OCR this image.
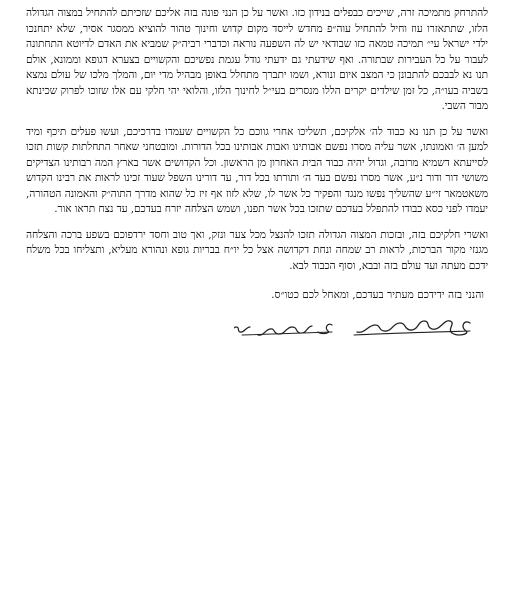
להתרחק מתמיכה זרה, שייכים כבפלים בנידון כזו. ואשר על כן הנני פונה בזה אליכם שזכיתם להתחיל במצוה הגדולה הלזו, שתתאזרו עוז וחיל להתחיל עוה״פ מחדש לייסד מקום קדוש וחינוך טהור להוציא ממסגר אסיר, שלא יתחנכו ילדי ישראל עי״ תמיכה טמאה כזו שבודאי יש לה השפעה נוראה וכדברי רביה״ק שמביא את האדם לדיוטא התחתונה לעבור על כל העבירות שבתורה. ואף שידעתי גם ידעתי גודל עגמת נפשיכם והקשויים בצערא דגופא וממונא, אולם תנו נא לבבכם להתבונן כי המצב איום ונורא, ושמו יתברך מתחלל באופן מבהיל מדי יום, והמלך מלכו של עולם נמצא בשביה בעו״ה, כל זמן שילדים יקרים הללו מנסרים בעי״ל לחינוך הלזו, והלואי יהי חלקי עם אלו שזוכו לפרוק שכינתא מבור השבי.

ואשר על כן תנו נא כבוד לה׳ אלקיכם, תשליכו אחרי גווכם כל הקשויים שעמדו בדרכיכם, ועשו פעלים תיכף ומיד למען ה׳ ואמונתו, אשר עליה מסרו נפשם אבותינו ואבות אבותינו בכל הדורות. ומובטחני שאחר התחלתות קשות תזכו לסייעתא דשמיא מרובה, וגדול יהיה כבוד הבית האחרון מן הראשון. וכל הקדושים אשר בארץ המה רבותינו הצדיקים משושי דור ודור נ״ע, אשר מסרו נפשם בעד ה׳ ותורתו בכל דור, עד דורינו השפל שעוד זכינו לראות את רבינו הקדוש משאטמאר זי״ע שהשליך נפשו מנגד והפקיר כל אשר לו, שלא לזוז אף זיז כל שהוא מדרך התוה״ק והאמונה הטהורה, יעמדו לפני כסא כבודו להתפלל בעדכם שתזכו בכל אשר תפנו, ושמש הצלחה יזרח בעדכם, עד נצח תראו אור.

ואשרי חלקיכם בזה, ובזכות המצוה הגדולה תזכו להנצל מכל צער ונזק, ואך טוב וחסד ירדפוכם בשפע ברכה והצלחה מגנזי מקור הברכות, לראות רב שמחה ונחת דקדושה אצל כל יו״ח בבריות גופא ונהורא מעליא, ותצליחו בכל משלח ידכם מעתה ועד עולם בזה ובבא, וסוף הכבוד לבא.

והנני בזה ידידכם מעתיר בעדכם, ומאחל לכם כטו״ס.
